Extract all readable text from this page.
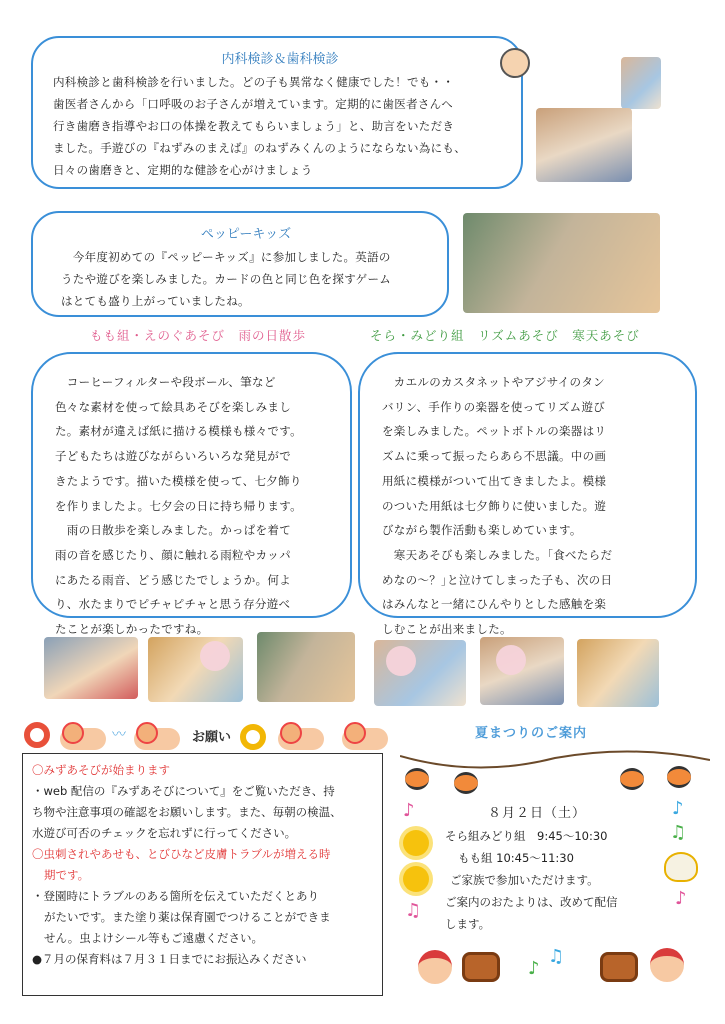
内科検診＆歯科検診
内科検診と歯科検診を行いました。どの子も異常なく健康でした！でも・・
歯医者さんから「口呼吸のお子さんが増えています。定期的に歯医者さんへ
行き歯磨き指導やお口の体操を教えてもらいましょう」と、助言をいただき
ました。手遊びの『ねずみのまえば』のねずみくんのようにならない為にも、
日々の歯磨きと、定期的な健診を心がけましょう
ペッピーキッズ
　今年度初めての『ペッピーキッズ』に参加しました。英語の
うたや遊びを楽しみました。カードの色と同じ色を探すゲーム
はとても盛り上がっていましたね。
もも組・えのぐあそび　雨の日散歩	そら・みどり組　リズムあそび　寒天あそび
　コーヒーフィルターや段ボール、筆など
色々な素材を使って絵具あそびを楽しみまし
た。素材が違えば紙に描ける模様も様々です。
子どもたちは遊びながらいろいろな発見がで
きたようです。描いた模様を使って、七夕飾り
を作りましたよ。七夕会の日に持ち帰ります。
　雨の日散歩を楽しみました。かっぱを着て
雨の音を感じたり、顔に触れる雨粒やカッパ
にあたる雨音、どう感じたでしょうか。何よ
り、水たまりでピチャピチャと思う存分遊べ
たことが楽しかったですね。
　カエルのカスタネットやアジサイのタン
バリン、手作りの楽器を使ってリズム遊び
を楽しみました。ペットボトルの楽器はリ
ズムに乗って振ったらあら不思議。中の画
用紙に模様がついて出てきましたよ。模様
のついた用紙は七夕飾りに使いました。遊
びながら製作活動も楽しめています。
　寒天あそびも楽しみました。｢食べたらだ
めなの～？｣と泣けてしまった子も、次の日
はみんなと一緒にひんやりとした感触を楽
しむことが出来ました。
〰	お願い
〇みずあそびが始まります
・web 配信の『みずあそびについて』をご覧いただき、持
ち物や注意事項の確認をお願いします。また、毎朝の検温、
水遊び可否のチェックを忘れずに行ってください。
〇虫刺されやあせも、とびひなど皮膚トラブルが増える時
期です。
・登園時にトラブルのある箇所を伝えていただくとあり
がたいです。また塗り薬は保育園でつけることができま
せん。虫よけシール等もご遠慮ください。
●７月の保育料は７月３１日までにお振込みください
夏まつりのご案内
♪	♪
♫
♫
♪
８月２日（土）
そら組みどり組　9:45～10:30
もも組 10:45～11:30
ご家族で参加いただけます。
ご案内のおたよりは、改めて配信
します。
♪
♫
